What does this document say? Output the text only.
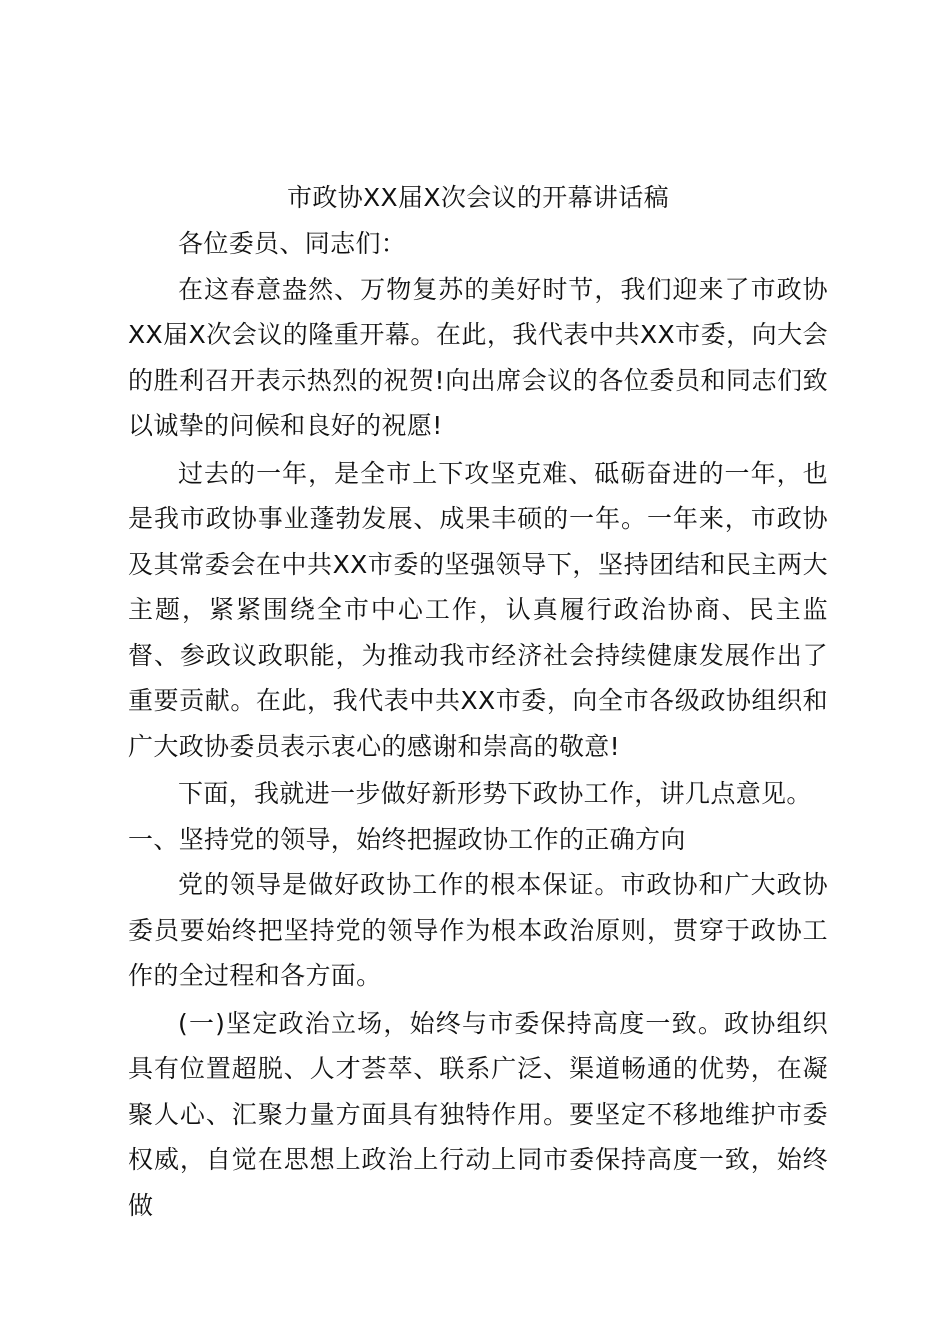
市政协XX届X次会议的开幕讲话稿

各位委员、同志们：

在这春意盎然、万物复苏的美好时节，我们迎来了市政协XX届X次会议的隆重开幕。在此，我代表中共XX市委，向大会的胜利召开表示热烈的祝贺!向出席会议的各位委员和同志们致以诚挚的问候和良好的祝愿!

过去的一年，是全市上下攻坚克难、砥砺奋进的一年，也是我市政协事业蓬勃发展、成果丰硕的一年。一年来，市政协及其常委会在中共XX市委的坚强领导下，坚持团结和民主两大主题，紧紧围绕全市中心工作，认真履行政治协商、民主监督、参政议政职能，为推动我市经济社会持续健康发展作出了重要贡献。在此，我代表中共XX市委，向全市各级政协组织和广大政协委员表示衷心的感谢和崇高的敬意!

下面，我就进一步做好新形势下政协工作，讲几点意见。

一、坚持党的领导，始终把握政协工作的正确方向

党的领导是做好政协工作的根本保证。市政协和广大政协委员要始终把坚持党的领导作为根本政治原则，贯穿于政协工作的全过程和各方面。

(一)坚定政治立场，始终与市委保持高度一致。政协组织具有位置超脱、人才荟萃、联系广泛、渠道畅通的优势，在凝聚人心、汇聚力量方面具有独特作用。要坚定不移地维护市委权威，自觉在思想上政治上行动上同市委保持高度一致，始终做
